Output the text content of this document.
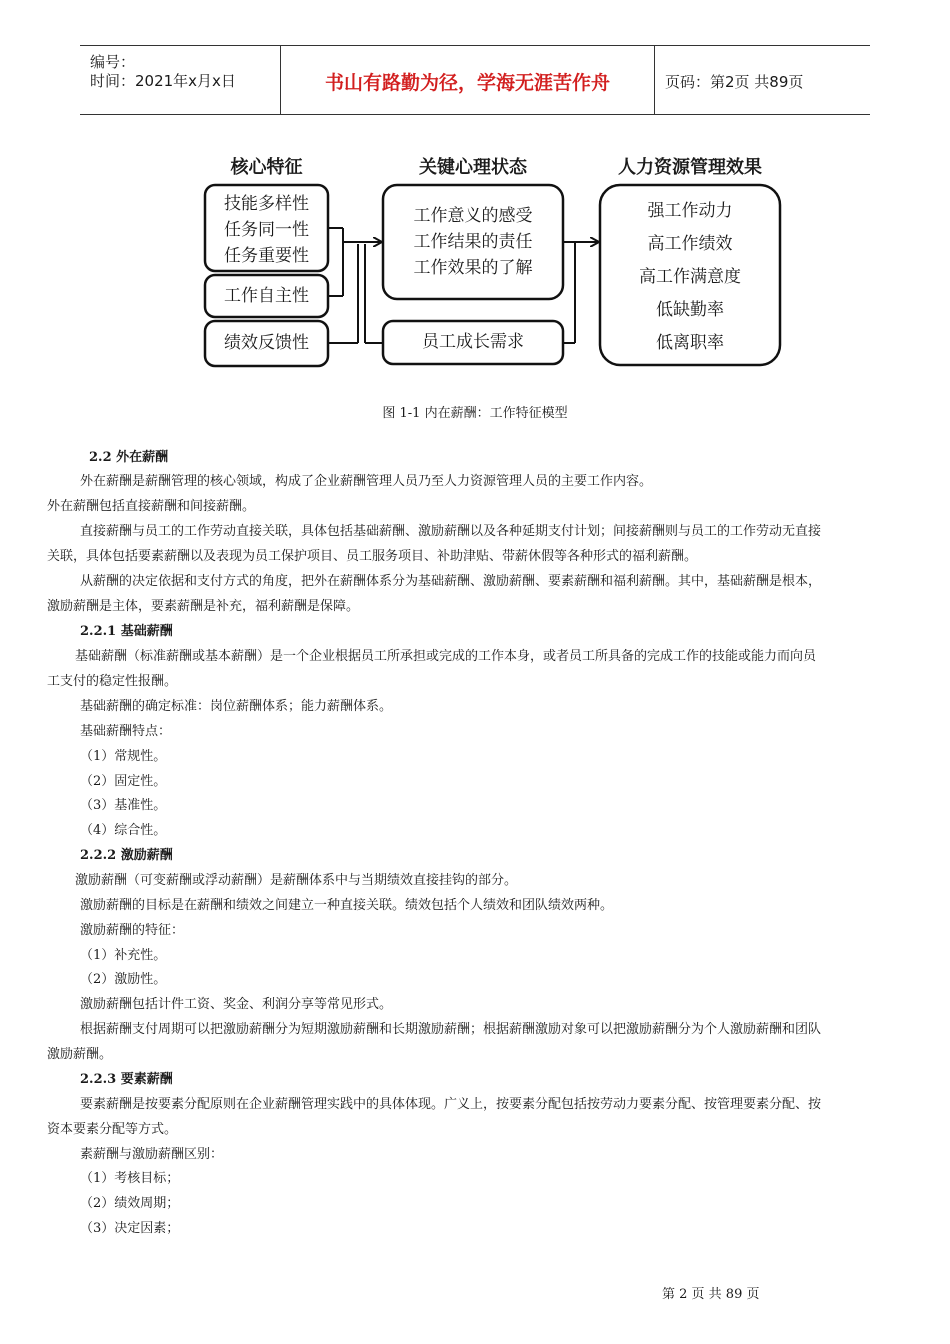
编号：
时间：2021年x月x日	书山有路勤为径，学海无涯苦作舟	页码：第2页 共89页
核心特征	关键心理状态	人力资源管理效果
技能多样性
任务同一性
任务重要性
工作自主性
绩效反馈性
工作意义的感受
工作结果的责任
工作效果的了解
员工成长需求
强工作动力
高工作绩效
高工作满意度
低缺勤率
低离职率
图 1-1 内在薪酬：工作特征模型
2.2 外在薪酬
外在薪酬是薪酬管理的核心领域，构成了企业薪酬管理人员乃至人力资源管理人员的主要工作内容。
外在薪酬包括直接薪酬和间接薪酬。
直接薪酬与员工的工作劳动直接关联，具体包括基础薪酬、激励薪酬以及各种延期支付计划；间接薪酬则与员工的工作劳动无直接
关联，具体包括要素薪酬以及表现为员工保护项目、员工服务项目、补助津贴、带薪休假等各种形式的福利薪酬。
从薪酬的决定依据和支付方式的角度，把外在薪酬体系分为基础薪酬、激励薪酬、要素薪酬和福利薪酬。其中，基础薪酬是根本，
激励薪酬是主体，要素薪酬是补充，福利薪酬是保障。
2.2.1 基础薪酬
基础薪酬（标准薪酬或基本薪酬）是一个企业根据员工所承担或完成的工作本身，或者员工所具备的完成工作的技能或能力而向员
工支付的稳定性报酬。
基础薪酬的确定标准：岗位薪酬体系；能力薪酬体系。
基础薪酬特点：
（1）常规性。
（2）固定性。
（3）基准性。
（4）综合性。
2.2.2 激励薪酬
激励薪酬（可变薪酬或浮动薪酬）是薪酬体系中与当期绩效直接挂钩的部分。
激励薪酬的目标是在薪酬和绩效之间建立一种直接关联。绩效包括个人绩效和团队绩效两种。
激励薪酬的特征：
（1）补充性。
（2）激励性。
激励薪酬包括计件工资、奖金、利润分享等常见形式。
根据薪酬支付周期可以把激励薪酬分为短期激励薪酬和长期激励薪酬；根据薪酬激励对象可以把激励薪酬分为个人激励薪酬和团队
激励薪酬。
2.2.3 要素薪酬
要素薪酬是按要素分配原则在企业薪酬管理实践中的具体体现。广义上，按要素分配包括按劳动力要素分配、按管理要素分配、按
资本要素分配等方式。
素薪酬与激励薪酬区别：
（1）考核目标；
（2）绩效周期；
（3）决定因素；
第 2 页 共 89 页
